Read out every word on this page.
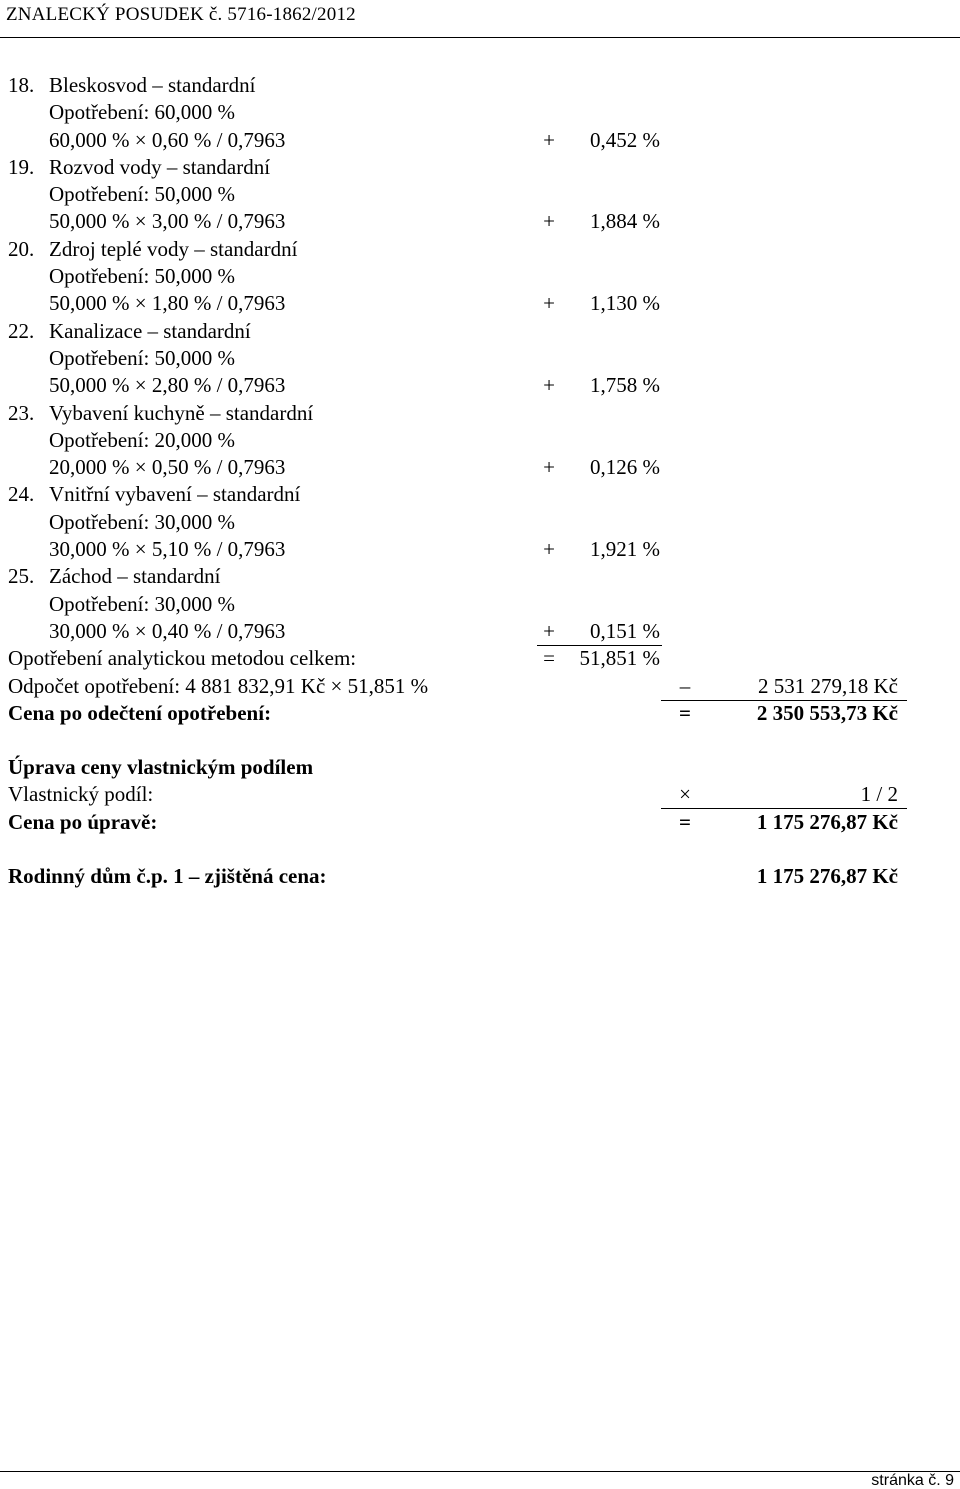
ZNALECKÝ POSUDEK č. 5716-1862/2012
18. Bleskosvod – standardní
Opotřebení: 60,000 %
60,000 % × 0,60 % / 0,7963	+ 0,452 %
19. Rozvod vody – standardní
Opotřebení: 50,000 %
50,000 % × 3,00 % / 0,7963	+ 1,884 %
20. Zdroj teplé vody – standardní
Opotřebení: 50,000 %
50,000 % × 1,80 % / 0,7963	+ 1,130 %
22. Kanalizace – standardní
Opotřebení: 50,000 %
50,000 % × 2,80 % / 0,7963	+ 1,758 %
23. Vybavení kuchyně – standardní
Opotřebení: 20,000 %
20,000 % × 0,50 % / 0,7963	+ 0,126 %
24. Vnitřní vybavení – standardní
Opotřebení: 30,000 %
30,000 % × 5,10 % / 0,7963	+ 1,921 %
25. Záchod – standardní
Opotřebení: 30,000 %
30,000 % × 0,40 % / 0,7963	+ 0,151 %
Opotřebení analytickou metodou celkem:	= 51,851 %
Odpočet opotřebení: 4 881 832,91 Kč × 51,851 %	–	2 531 279,18 Kč
Cena po odečtení opotřebení:	=	2 350 553,73 Kč
Úprava ceny vlastnickým podílem
Vlastnický podíl:	×	1 / 2
Cena po úpravě:	=	1 175 276,87 Kč
Rodinný dům č.p. 1 – zjištěná cena:	1 175 276,87 Kč
stránka č. 9
